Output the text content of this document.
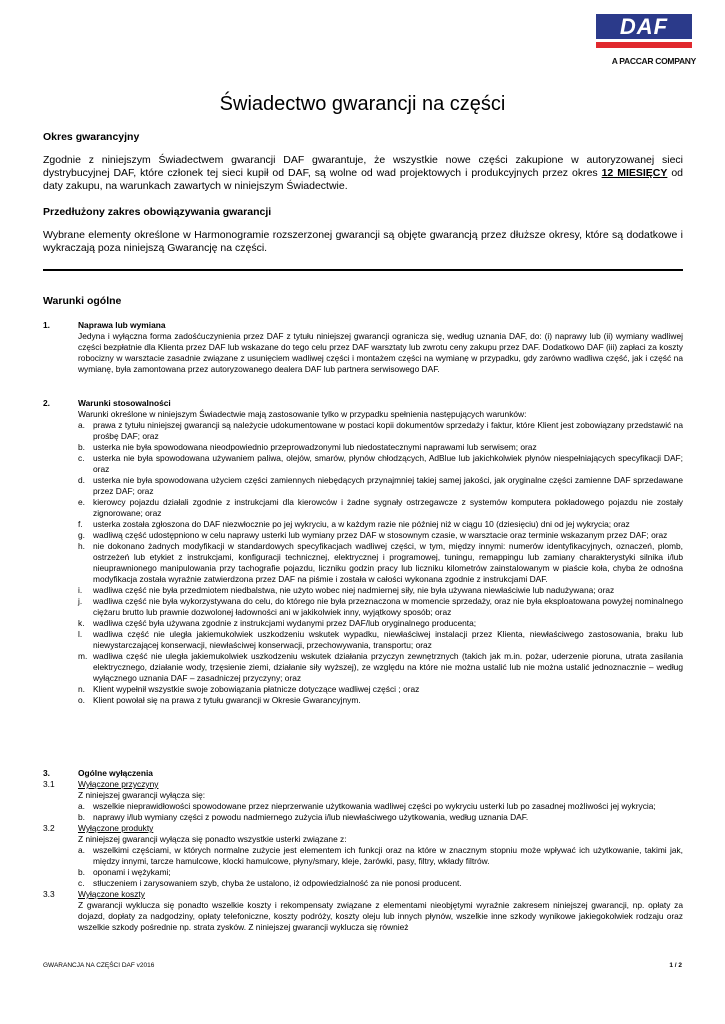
DAF
A PACCAR COMPANY
Świadectwo gwarancji na części
Okres gwarancyjny
Zgodnie z niniejszym Świadectwem gwarancji DAF gwarantuje, że wszystkie nowe części zakupione w autoryzowanej sieci dystrybucyjnej DAF, które członek tej sieci kupił od DAF, są wolne od wad projektowych i produkcyjnych przez okres 12 MIESIĘCY od daty zakupu, na warunkach zawartych w niniejszym Świadectwie.
Przedłużony zakres obowiązywania gwarancji
Wybrane elementy określone w Harmonogramie rozszerzonej gwarancji są objęte gwarancją przez dłuższe okresy, które są dodatkowe i wykraczają poza niniejszą Gwarancję na części.
Warunki ogólne
1.	Naprawa lub wymiana
Jedyna i wyłączna forma zadośćuczynienia przez DAF z tytułu niniejszej gwarancji ogranicza się, według uznania DAF, do: (i) naprawy lub (ii) wymiany wadliwej części bezpłatnie dla Klienta przez DAF lub wskazane do tego celu przez DAF warsztaty lub zwrotu ceny zakupu przez DAF. Dodatkowo DAF (iii) zapłaci za koszty robocizny w warsztacie zasadnie związane z usunięciem wadliwej części i montażem części na wymianę w przypadku, gdy zarówno wadliwa część, jak i część na wymianę, była zamontowana przez autoryzowanego dealera DAF lub partnera serwisowego DAF.
2.	Warunki stosowalności
Warunki określone w niniejszym Świadectwie mają zastosowanie tylko w przypadku spełnienia następujących warunków:
a. prawa z tytułu niniejszej gwarancji są należycie udokumentowane w postaci kopii dokumentów sprzedaży i faktur, które Klient jest zobowiązany przedstawić na prośbę DAF; oraz
b. usterka nie była spowodowana nieodpowiednio przeprowadzonymi lub niedostatecznymi naprawami lub serwisem; oraz
c. usterka nie była spowodowana używaniem paliwa, olejów, smarów, płynów chłodzących, AdBlue lub jakichkolwiek płynów niespełniających specyfikacji DAF; oraz
d. usterka nie była spowodowana użyciem części zamiennych niebędących przynajmniej takiej samej jakości, jak oryginalne części zamienne DAF sprzedawane przez DAF; oraz
e. kierowcy pojazdu działali zgodnie z instrukcjami dla kierowców i żadne sygnały ostrzegawcze z systemów komputera pokładowego pojazdu nie zostały zignorowane; oraz
f. usterka została zgłoszona do DAF niezwłocznie po jej wykryciu, a w każdym razie nie później niż w ciągu 10 (dziesięciu) dni od jej wykrycia; oraz
g. wadliwą część udostępniono w celu naprawy usterki lub wymiany przez DAF w stosownym czasie, w warsztacie oraz terminie wskazanym przez DAF; oraz
h. nie dokonano żadnych modyfikacji w standardowych specyfikacjach wadliwej części, w tym, między innymi: numerów identyfikacyjnych, oznaczeń, plomb, ostrzeżeń lub etykiet z instrukcjami, konfiguracji technicznej, elektrycznej i programowej, tuningu, remappingu lub zamiany charakterystyki silnika i/lub nieuprawnionego manipulowania przy tachografie pojazdu, liczniku godzin pracy lub liczniku kilometrów zainstalowanym w piaście koła, chyba że odnośna modyfikacja została wyraźnie zatwierdzona przez DAF na piśmie i została w całości wykonana zgodnie z instrukcjami DAF.
i. wadliwa część nie była przedmiotem niedbalstwa, nie użyto wobec niej nadmiernej siły, nie była używana niewłaściwie lub nadużywana; oraz
j. wadliwa część nie była wykorzystywana do celu, do którego nie była przeznaczona w momencie sprzedaży, oraz nie była eksploatowana powyżej nominalnego ciężaru brutto lub prawnie dozwolonej ładowności ani w jakikolwiek inny, wyjątkowy sposób; oraz
k. wadliwa część była używana zgodnie z instrukcjami wydanymi przez DAF/lub oryginalnego producenta;
l. wadliwa część nie uległa jakiemukolwiek uszkodzeniu wskutek wypadku, niewłaściwej instalacji przez Klienta, niewłaściwego zastosowania, braku lub niewystarczającej konserwacji, niewłaściwej konserwacji, przechowywania, transportu; oraz
m. wadliwa część nie uległa jakiemukolwiek uszkodzeniu wskutek działania przyczyn zewnętrznych (takich jak m.in. pożar, uderzenie pioruna, utrata zasilania elektrycznego, działanie wody, trzęsienie ziemi, działanie siły wyższej), ze względu na które nie można ustalić lub nie można ustalić jednoznacznie – według wyłącznego uznania DAF – zasadniczej przyczyny; oraz
n. Klient wypełnił wszystkie swoje zobowiązania płatnicze dotyczące wadliwej części ; oraz
o. Klient powołał się na prawa z tytułu gwarancji w Okresie Gwarancyjnym.
3.	Ogólne wyłączenia
3.1	Wyłączone przyczyny
Z niniejszej gwarancji wyłącza się:
a. wszelkie nieprawidłowości spowodowane przez nieprzerwanie użytkowania wadliwej części po wykryciu usterki lub po zasadnej możliwości jej wykrycia;
b. naprawy i/lub wymiany części z powodu nadmiernego zużycia i/lub niewłaściwego użytkowania, według uznania DAF.
3.2	Wyłączone produkty
Z niniejszej gwarancji wyłącza się ponadto wszystkie usterki związane z:
a. wszelkimi częściami, w których normalne zużycie jest elementem ich funkcji oraz na które w znacznym stopniu może wpływać ich użytkowanie, takimi jak, między innymi, tarcze hamulcowe, klocki hamulcowe, płyny/smary, kleje, żarówki, pasy, filtry, wkłady filtrów.
b. oponami i wężykami;
c. stłuczeniem i zarysowaniem szyb, chyba że ustalono, iż odpowiedzialność za nie ponosi producent.
3.3	Wyłączone koszty
Z gwarancji wyklucza się ponadto wszelkie koszty i rekompensaty związane z elementami nieobjętymi wyraźnie zakresem niniejszej gwarancji, np. opłaty za dojazd, dopłaty za nadgodziny, opłaty telefoniczne, koszty podróży, koszty oleju lub innych płynów, wszelkie inne szkody wynikowe jakiegokolwiek rodzaju oraz wszelkie szkody pośrednie np. strata zysków. Z niniejszej gwarancji wyklucza się również
GWARANCJA NA CZĘŚCI DAF v2016	1 / 2
